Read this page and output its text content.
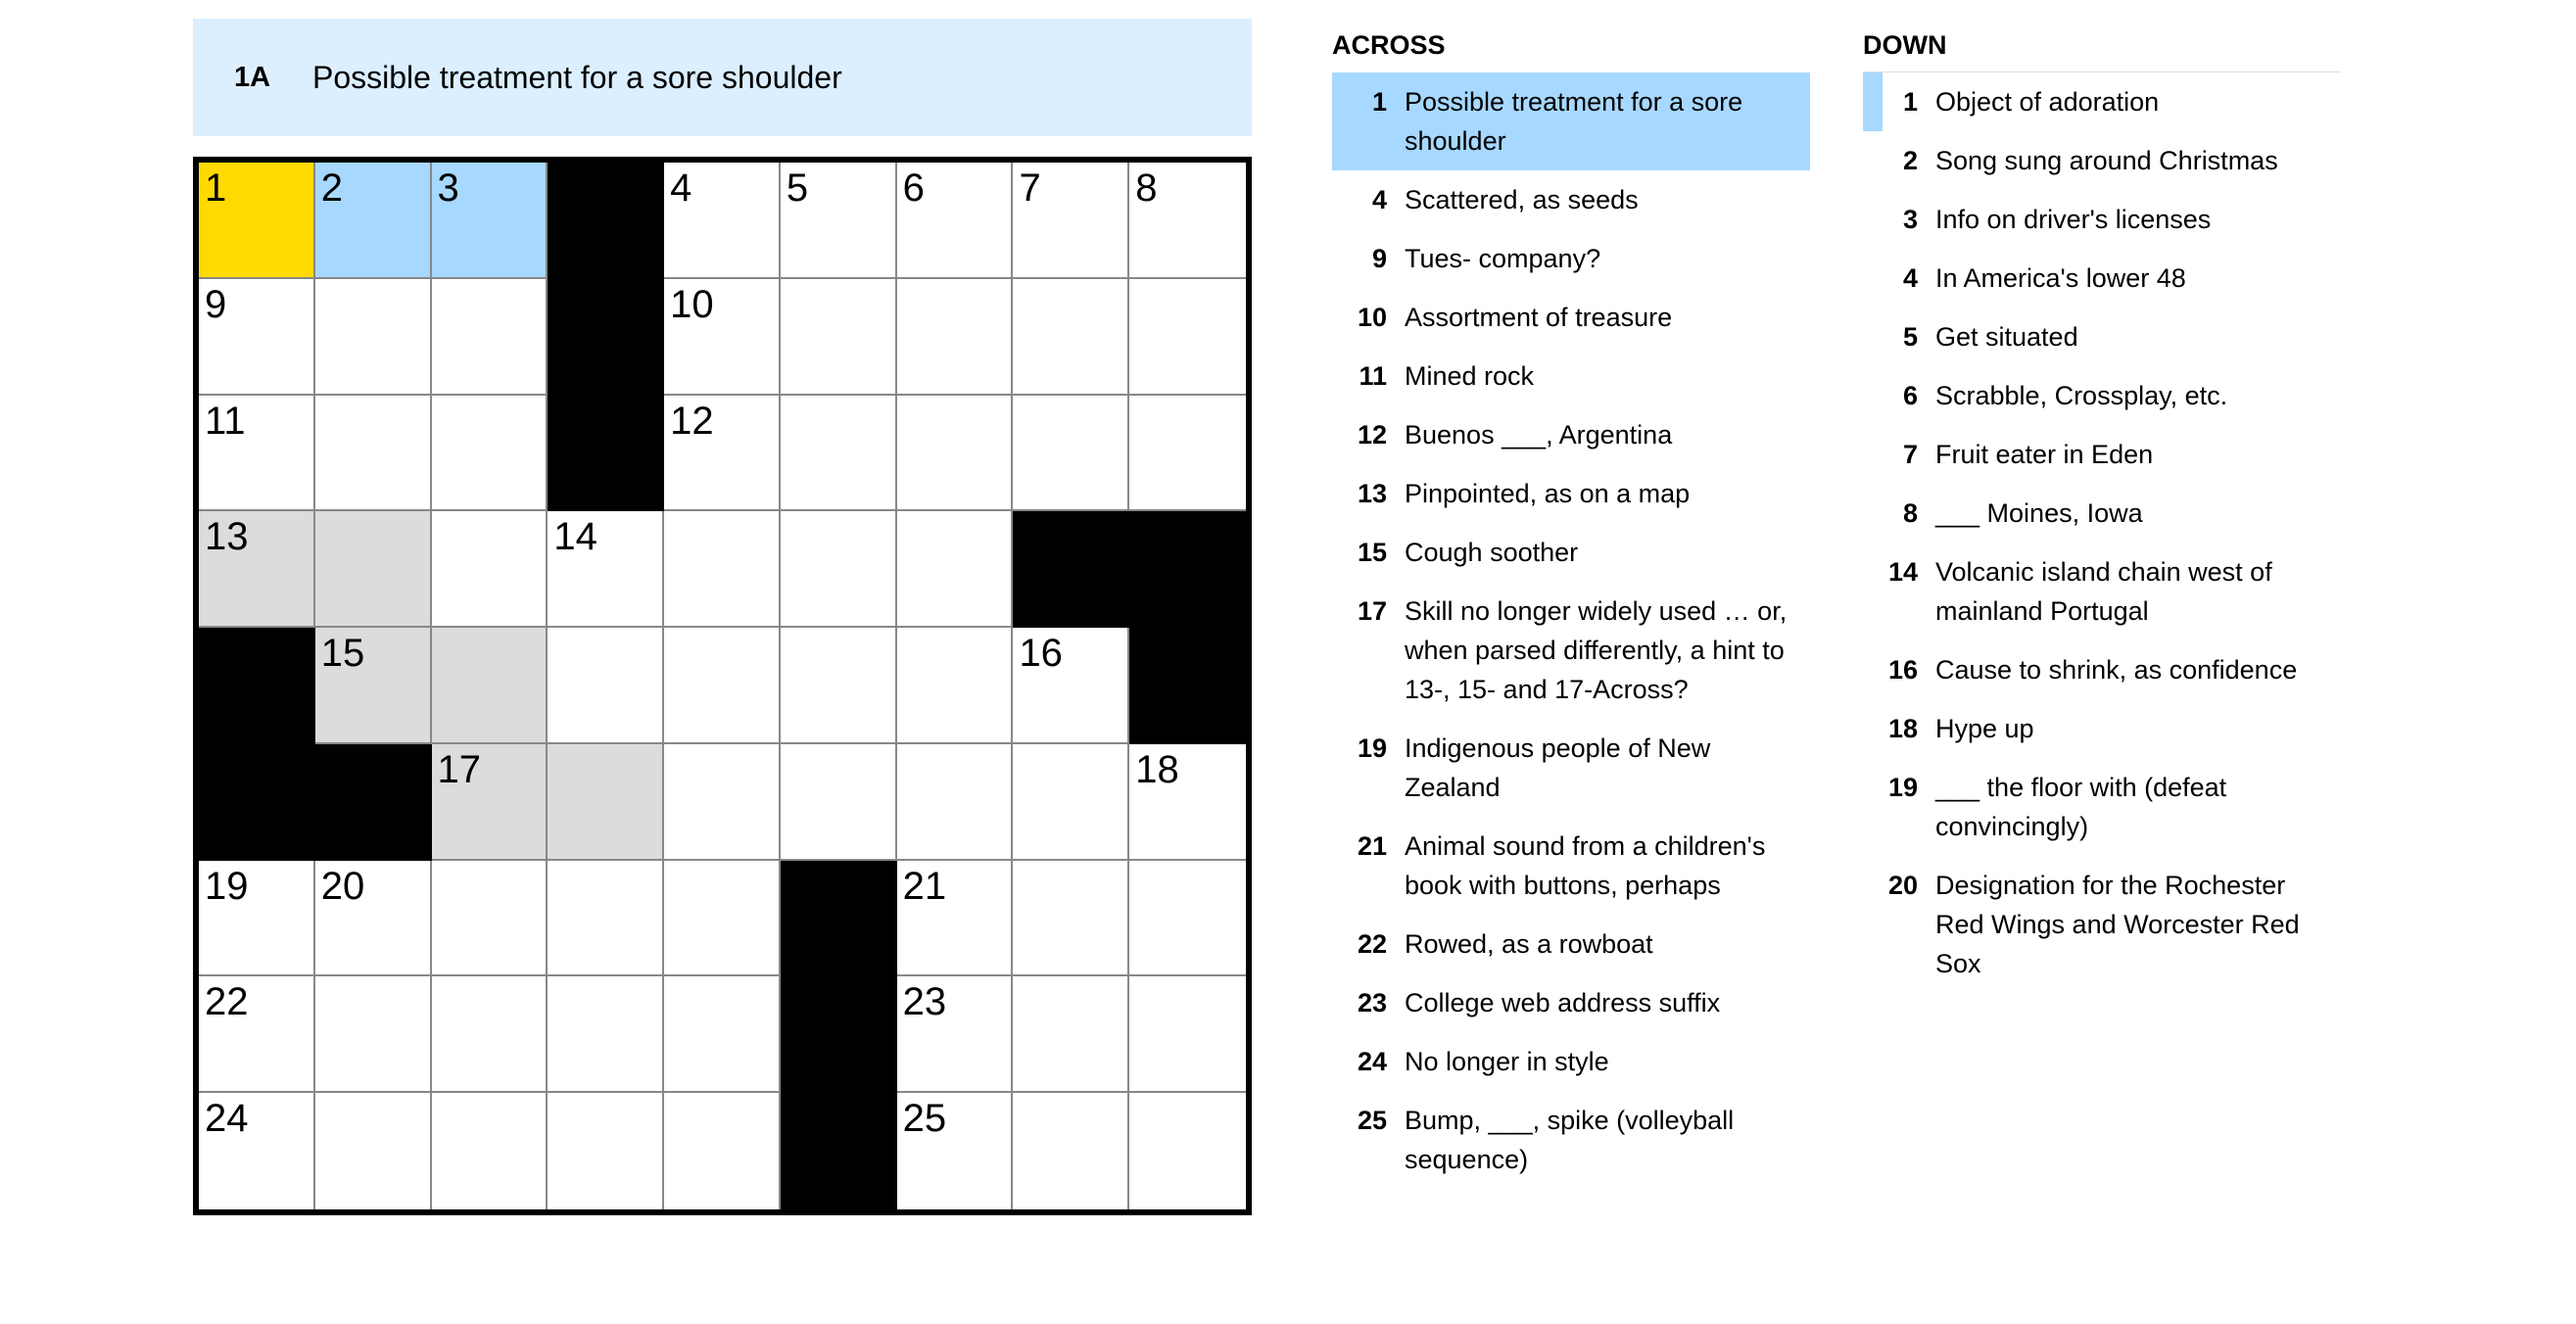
1A	Possible treatment for a sore shoulder
1 2 3	4 5 6 7 8
9	10
11	12
13	14
15	16
17	18
19 20	21
22	23
24	25
ACROSS
1 Possible treatment for a sore shoulder
4 Scattered, as seeds
9 Tues- company?
10 Assortment of treasure
11 Mined rock
12 Buenos ___, Argentina
13 Pinpointed, as on a map
15 Cough soother
17 Skill no longer widely used … or, when parsed differently, a hint to 13-, 15- and 17-Across?
19 Indigenous people of New Zealand
21 Animal sound from a children's book with buttons, perhaps
22 Rowed, as a rowboat
23 College web address suffix
24 No longer in style
25 Bump, ___, spike (volleyball sequence)
DOWN
1 Object of adoration
2 Song sung around Christmas
3 Info on driver's licenses
4 In America's lower 48
5 Get situated
6 Scrabble, Crossplay, etc.
7 Fruit eater in Eden
8 ___ Moines, Iowa
14 Volcanic island chain west of mainland Portugal
16 Cause to shrink, as confidence
18 Hype up
19 ___ the floor with (defeat convincingly)
20 Designation for the Rochester Red Wings and Worcester Red Sox
